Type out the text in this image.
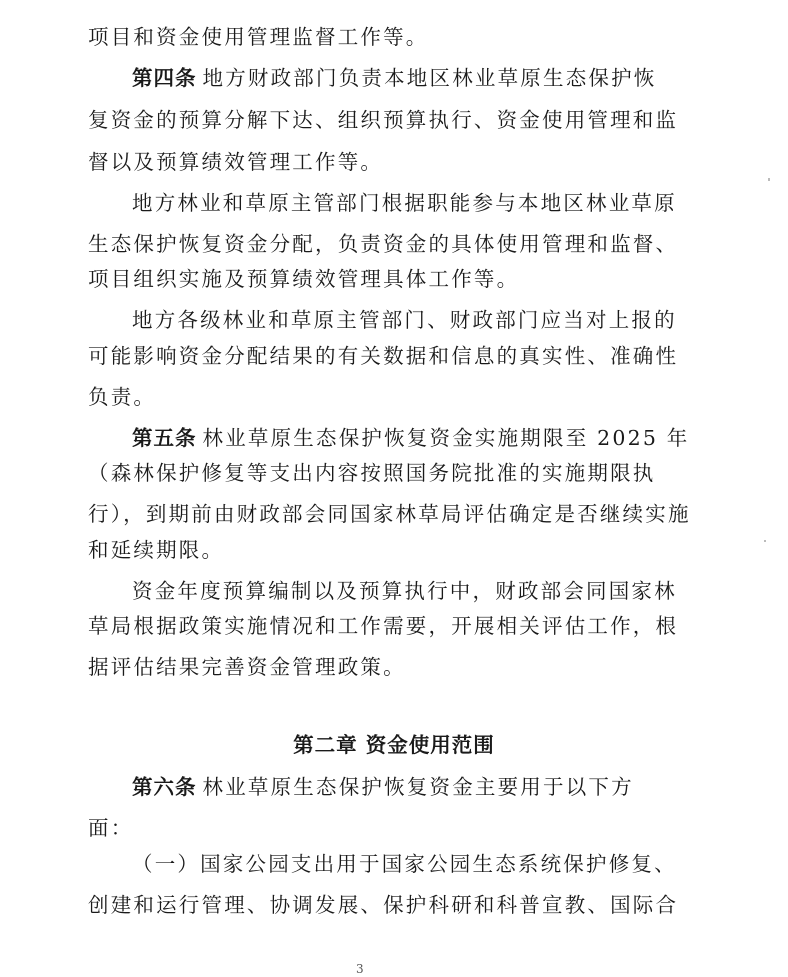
项目和资金使用管理监督工作等。
第四条 地方财政部门负责本地区林业草原生态保护恢
复资金的预算分解下达、组织预算执行、资金使用管理和监
督以及预算绩效管理工作等。
地方林业和草原主管部门根据职能参与本地区林业草原
生态保护恢复资金分配，负责资金的具体使用管理和监督、
项目组织实施及预算绩效管理具体工作等。
地方各级林业和草原主管部门、财政部门应当对上报的
可能影响资金分配结果的有关数据和信息的真实性、准确性
负责。
第五条 林业草原生态保护恢复资金实施期限至 2025 年
（森林保护修复等支出内容按照国务院批准的实施期限执
行），到期前由财政部会同国家林草局评估确定是否继续实施
和延续期限。
资金年度预算编制以及预算执行中，财政部会同国家林
草局根据政策实施情况和工作需要，开展相关评估工作，根
据评估结果完善资金管理政策。
第二章 资金使用范围
第六条 林业草原生态保护恢复资金主要用于以下方
面：
（一）国家公园支出用于国家公园生态系统保护修复、
创建和运行管理、协调发展、保护科研和科普宣教、国际合
3
